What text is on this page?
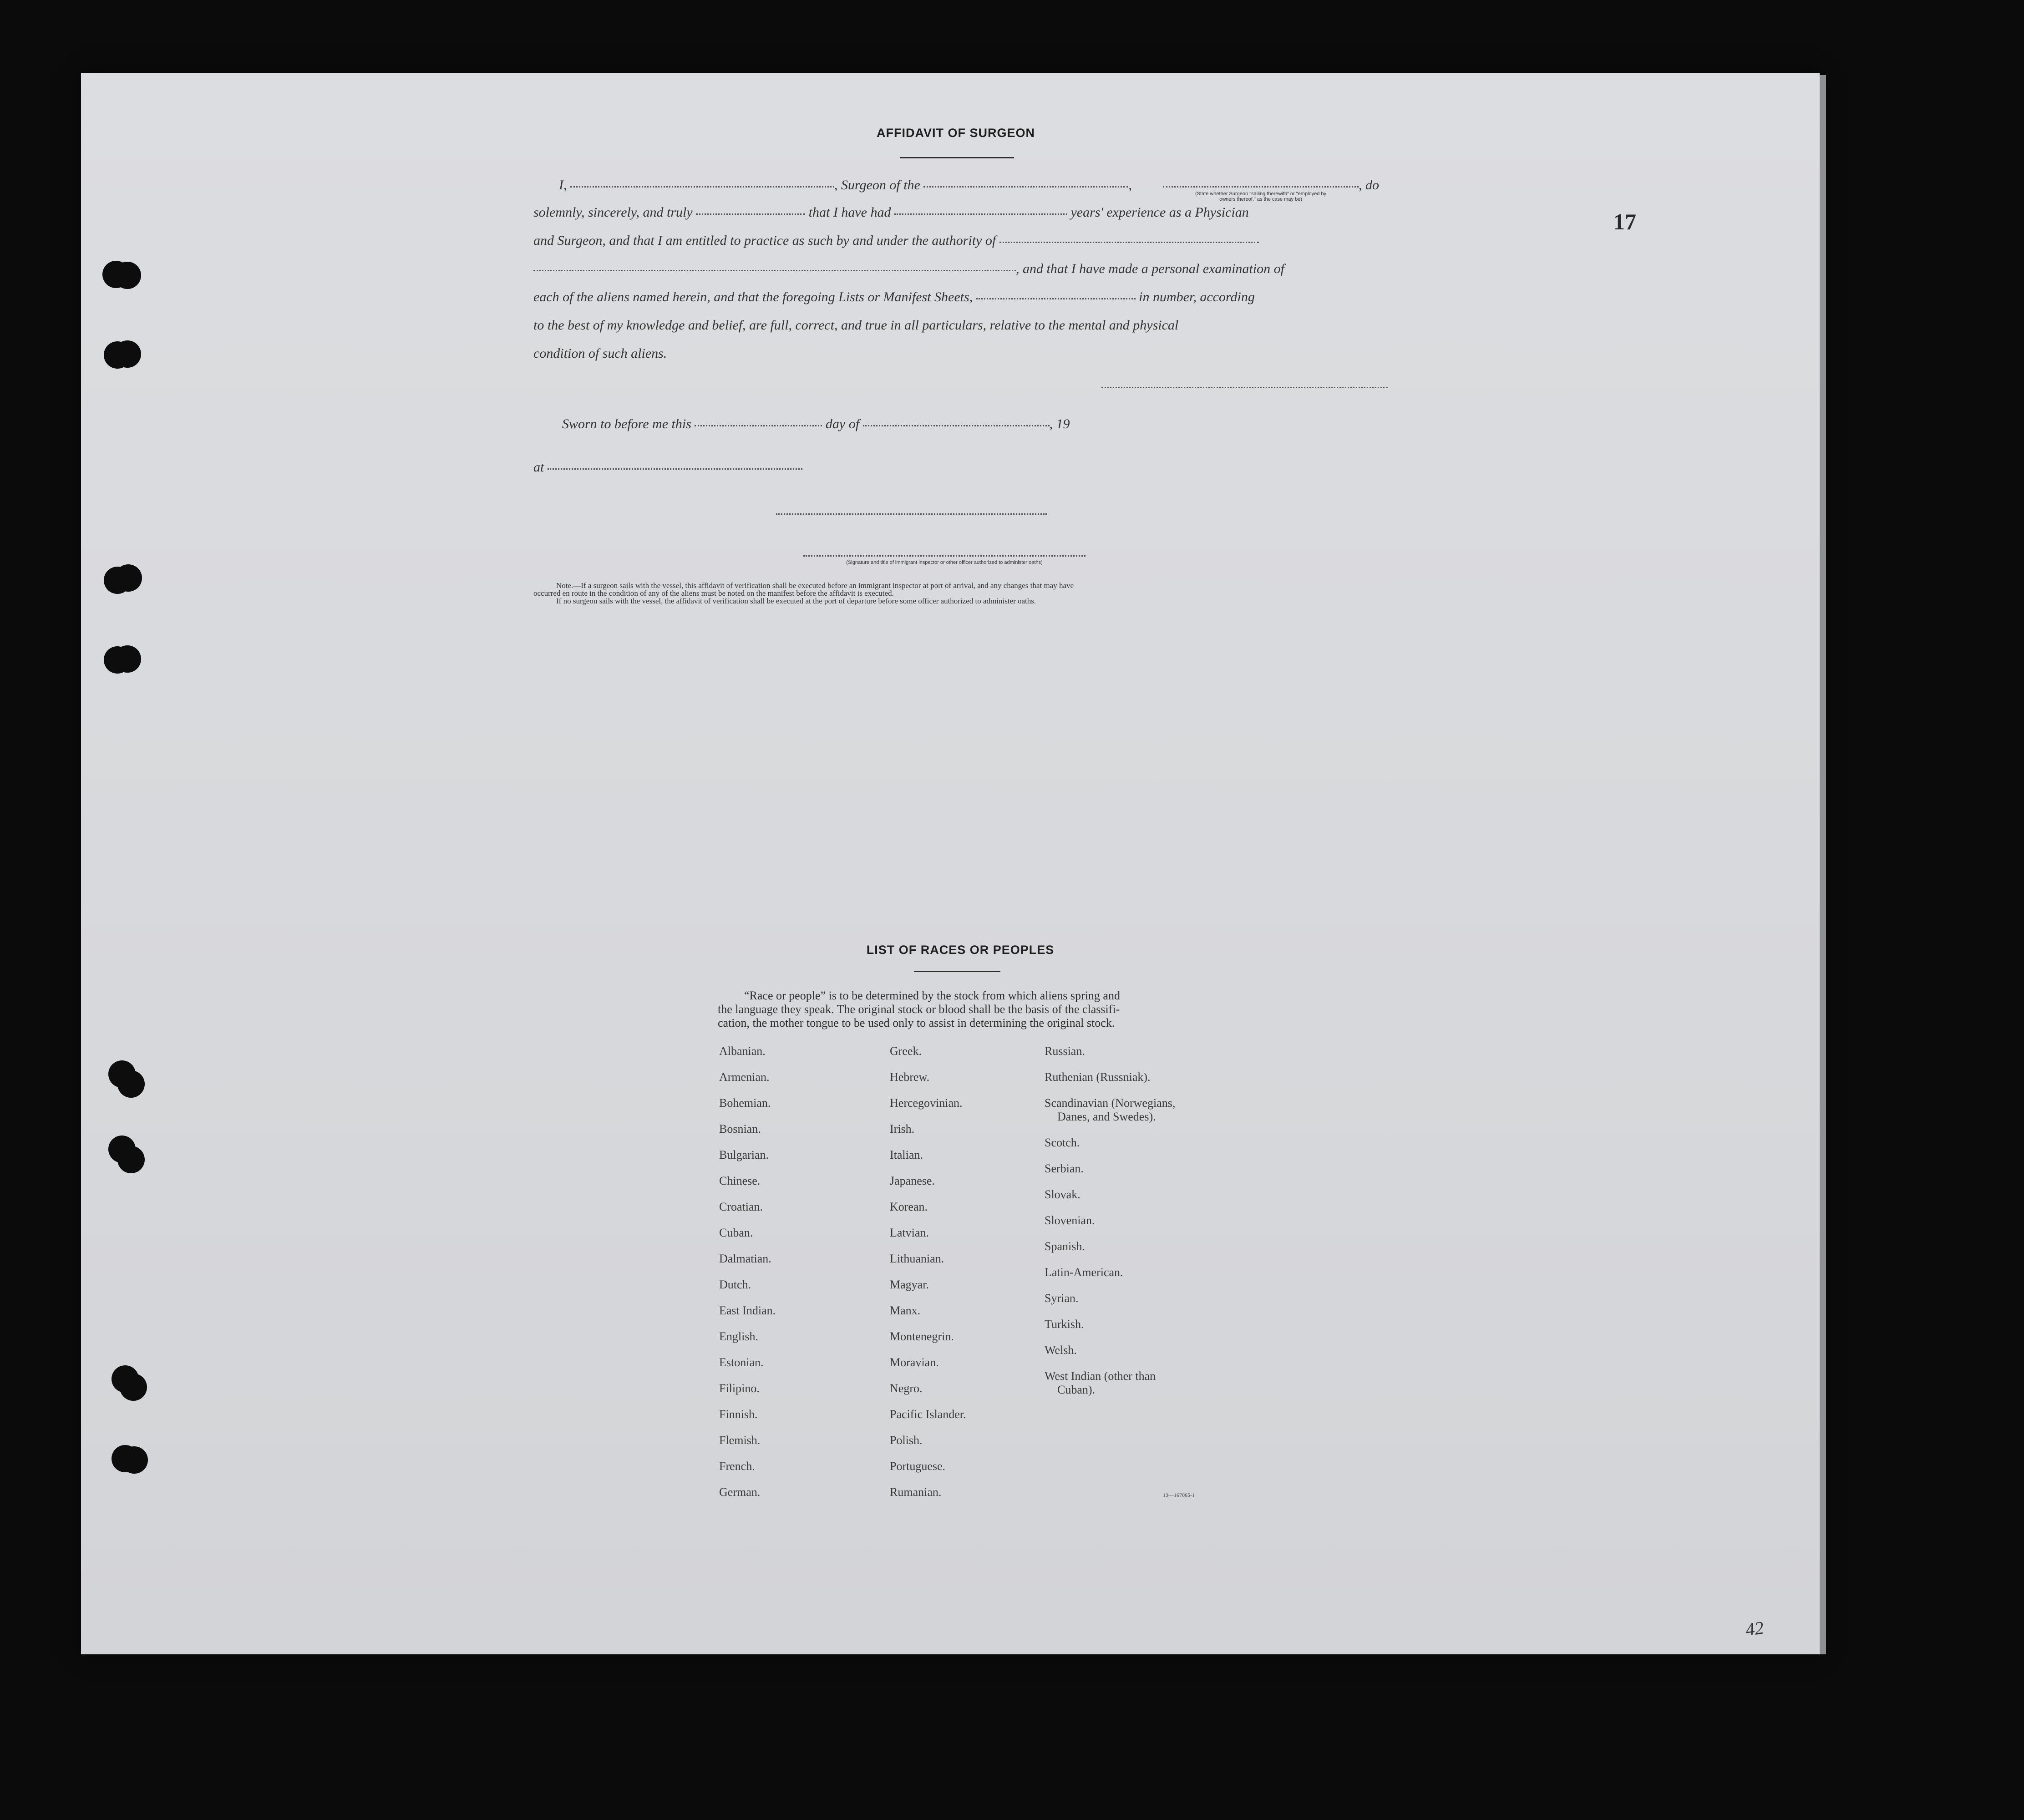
17
AFFIDAVIT OF SURGEON
I,	, Surgeon of the	,	, do
(State whether Surgeon "sailing therewith" or "employed by
owners thereof," as the case may be)
solemnly, sincerely, and truly	that I have had	years' experience as a Physician
and Surgeon, and that I am entitled to practice as such by and under the authority of
, and that I have made a personal examination of
each of the aliens named herein, and that the foregoing Lists or Manifest Sheets,	in number, according
to the best of my knowledge and belief, are full, correct, and true in all particulars, relative to the mental and physical
condition of such aliens.
Sworn to before me this	day of	, 19
at
(Signature and title of immigrant inspector or other officer authorized to administer oaths)
Note.—If a surgeon sails with the vessel, this affidavit of verification shall be executed before an immigrant inspector at port of arrival, and any changes that may have
occurred en route in the condition of any of the aliens must be noted on the manifest before the affidavit is executed.
If no surgeon sails with the vessel, the affidavit of verification shall be executed at the port of departure before some officer authorized to administer oaths.
LIST OF RACES OR PEOPLES
“Race or people” is to be determined by the stock from which aliens spring and
the language they speak. The original stock or blood shall be the basis of the classifi-
cation, the mother tongue to be used only to assist in determining the original stock.
Albanian.
Armenian.
Bohemian.
Bosnian.
Bulgarian.
Chinese.
Croatian.
Cuban.
Dalmatian.
Dutch.
East Indian.
English.
Estonian.
Filipino.
Finnish.
Flemish.
French.
German.
Greek.
Hebrew.
Hercegovinian.
Irish.
Italian.
Japanese.
Korean.
Latvian.
Lithuanian.
Magyar.
Manx.
Montenegrin.
Moravian.
Negro.
Pacific Islander.
Polish.
Portuguese.
Rumanian.
Russian.
Ruthenian (Russniak).
Scandinavian (Norwegians,
Danes, and Swedes).
Scotch.
Serbian.
Slovak.
Slovenian.
Spanish.
Latin-American.
Syrian.
Turkish.
Welsh.
West Indian (other than
Cuban).
13—167065-1
42
